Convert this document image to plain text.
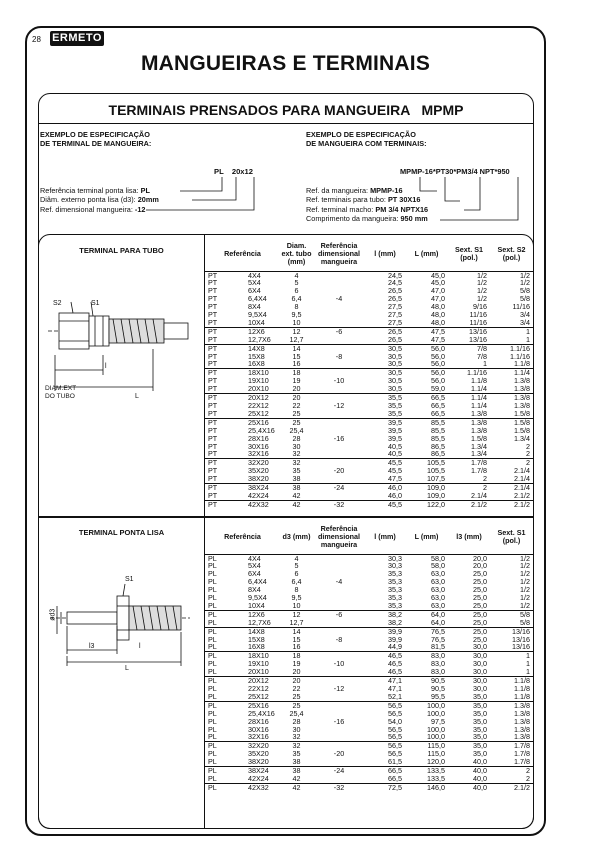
28 ERMETO
MANGUEIRAS E TERMINAIS
TERMINAIS PRENSADOS PARA MANGUEIRA   MPMP
EXEMPLO DE ESPECIFICAÇÃO
DE TERMINAL DE MANGUEIRA:
PL 20x12
Referência terminal ponta lisa: PL
Diâm. externo ponta lisa (d3): 20mm
Ref. dimensional mangueira: -12
EXEMPLO DE ESPECIFICAÇÃO
DE MANGUEIRA COM TERMINAIS:
MPMP-16*PT30*PM3/4 NPT*950
Ref. da mangueira: MPMP-16
Ref. terminais para tubo: PT 30X16
Ref. terminal macho: PM 3/4 NPTX16
Comprimento da mangueira: 950 mm
TERMINAL PARA TUBO
S2	S1
l
L
DIAM.EXT
DO TUBO
Referência		Diam. ext. tubo (mm)	Referência dimensional mangueira	l (mm)	L (mm)	Sext. S1 (pol.)	Sext. S2 (pol.)
PT	4X4	4		24,5	45,0	1/2	1/2
PT	5X4	5		24,5	45,0	1/2	1/2
PT	6X4	6		26,5	47,0	1/2	5/8
PT	6,4X4	6,4	-4	26,5	47,0	1/2	5/8
PT	8X4	8		27,5	48,0	9/16	11/16
PT	9,5X4	9,5		27,5	48,0	11/16	3/4
PT	10X4	10		27,5	48,0	11/16	3/4
PT	12X6	12	-6	26,5	47,5	13/16	1
PT	12,7X6	12,7		26,5	47,5	13/16	1
PT	14X8	14		30,5	56,0	7/8	1.1/16
PT	15X8	15	-8	30,5	56,0	7/8	1.1/16
PT	16X8	16		30,5	56,0	1	1.1/8
PT	18X10	18		30,5	56,0	1.1/16	1.1/4
PT	19X10	19	-10	30,5	56,0	1.1/8	1.3/8
PT	20X10	20		30,5	59,0	1.1/4	1.3/8
PT	20X12	20		35,5	66,5	1.1/4	1.3/8
PT	22X12	22	-12	35,5	66,5	1.1/4	1.3/8
PT	25X12	25		35,5	66,5	1.3/8	1.5/8
PT	25X16	25		39,5	85,5	1.3/8	1.5/8
PT	25,4X16	25,4		39,5	85,5	1.3/8	1.5/8
PT	28X16	28	-16	39,5	85,5	1.5/8	1.3/4
PT	30X16	30		40,5	86,5	1.3/4	2
PT	32X16	32		40,5	86,5	1.3/4	2
PT	32X20	32		45,5	105,5	1.7/8	2
PT	35X20	35	-20	45,5	105,5	1.7/8	2.1/4
PT	38X20	38		47,5	107,5	2	2.1/4
PT	38X24	38	-24	46,0	109,0	2	2.1/4
PT	42X24	42		46,0	109,0	2.1/4	2.1/2
PT	42X32	42	-32	45,5	122,0	2.1/2	2.1/2
TERMINAL PONTA LISA
S1
ød3
l3	l
L
Referência		d3 (mm)	Referência dimensional mangueira	l (mm)	L (mm)	l3 (mm)	Sext. S1 (pol.)
PL	4X4	4		30,3	58,0	20,0	1/2
PL	5X4	5		30,3	58,0	20,0	1/2
PL	6X4	6		35,3	63,0	25,0	1/2
PL	6,4X4	6,4	-4	35,3	63,0	25,0	1/2
PL	8X4	8		35,3	63,0	25,0	1/2
PL	9,5X4	9,5		35,3	63,0	25,0	1/2
PL	10X4	10		35,3	63,0	25,0	1/2
PL	12X6	12	-6	38,2	64,0	25,0	5/8
PL	12,7X6	12,7		38,2	64,0	25,0	5/8
PL	14X8	14		39,9	76,5	25,0	13/16
PL	15X8	15	-8	39,9	76,5	25,0	13/16
PL	16X8	16		44,9	81,5	30,0	13/16
PL	18X10	18		46,5	83,0	30,0	1
PL	19X10	19	-10	46,5	83,0	30,0	1
PL	20X10	20		46,5	83,0	30,0	1
PL	20X12	20		47,1	90,5	30,0	1.1/8
PL	22X12	22	-12	47,1	90,5	30,0	1.1/8
PL	25X12	25		52,1	95,5	35,0	1.1/8
PL	25X16	25		56,5	100,0	35,0	1.3/8
PL	25,4X16	25,4		56,5	100,0	35,0	1.3/8
PL	28X16	28	-16	54,0	97,5	35,0	1.3/8
PL	30X16	30		56,5	100,0	35,0	1.3/8
PL	32X16	32		56,5	100,0	35,0	1.3/8
PL	32X20	32		56,5	115,0	35,0	1.7/8
PL	35X20	35	-20	56,5	115,0	35,0	1.7/8
PL	38X20	38		61,5	120,0	40,0	1.7/8
PL	38X24	38	-24	66,5	133,5	40,0	2
PL	42X24	42		66,5	133,5	40,0	2
PL	42X32	42	-32	72,5	146,0	40,0	2.1/2
